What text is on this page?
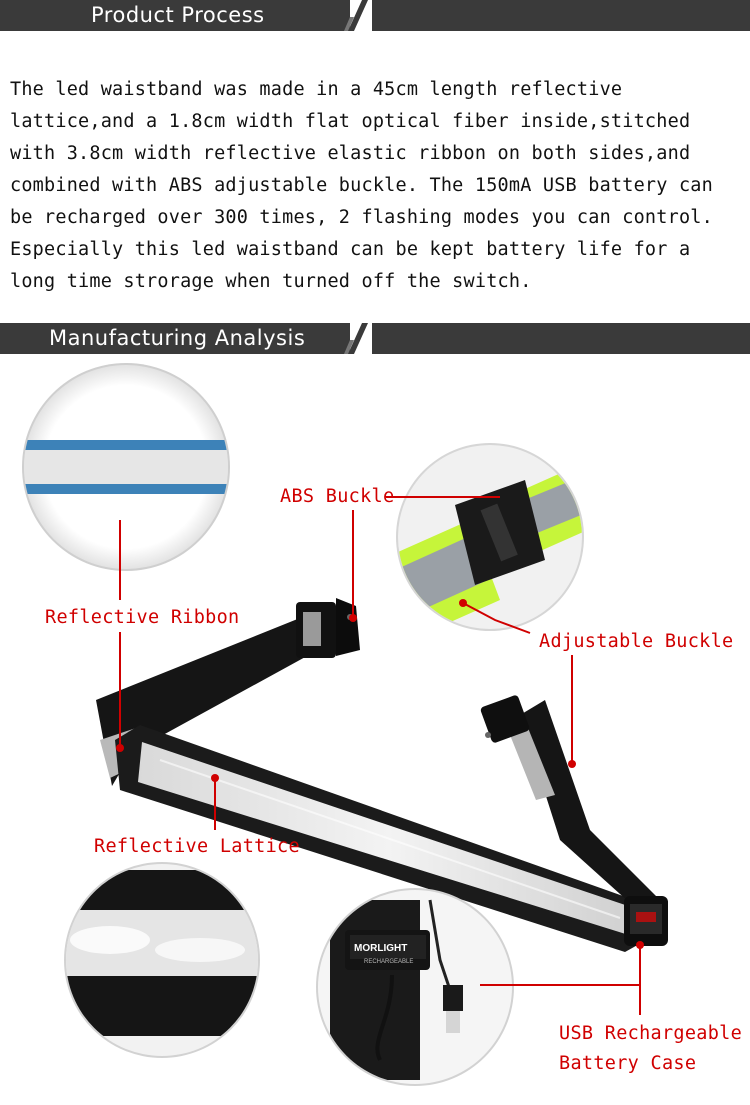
Product Process

The led waistband was made in a 45cm length reflective lattice,and a 1.8cm width flat optical fiber inside,stitched with 3.8cm width reflective elastic ribbon on both sides,and combined with ABS adjustable buckle. The 150mA USB battery can be recharged over 300 times, 2 flashing modes you can control. Especially this led waistband can be kept battery life for a long time strorage when turned off the switch.

Manufacturing Analysis
MORLIGHT
RECHARGEABLE
ABS Buckle
Reflective Ribbon
Adjustable Buckle
Reflective Lattice
USB Rechargeable
Battery Case
